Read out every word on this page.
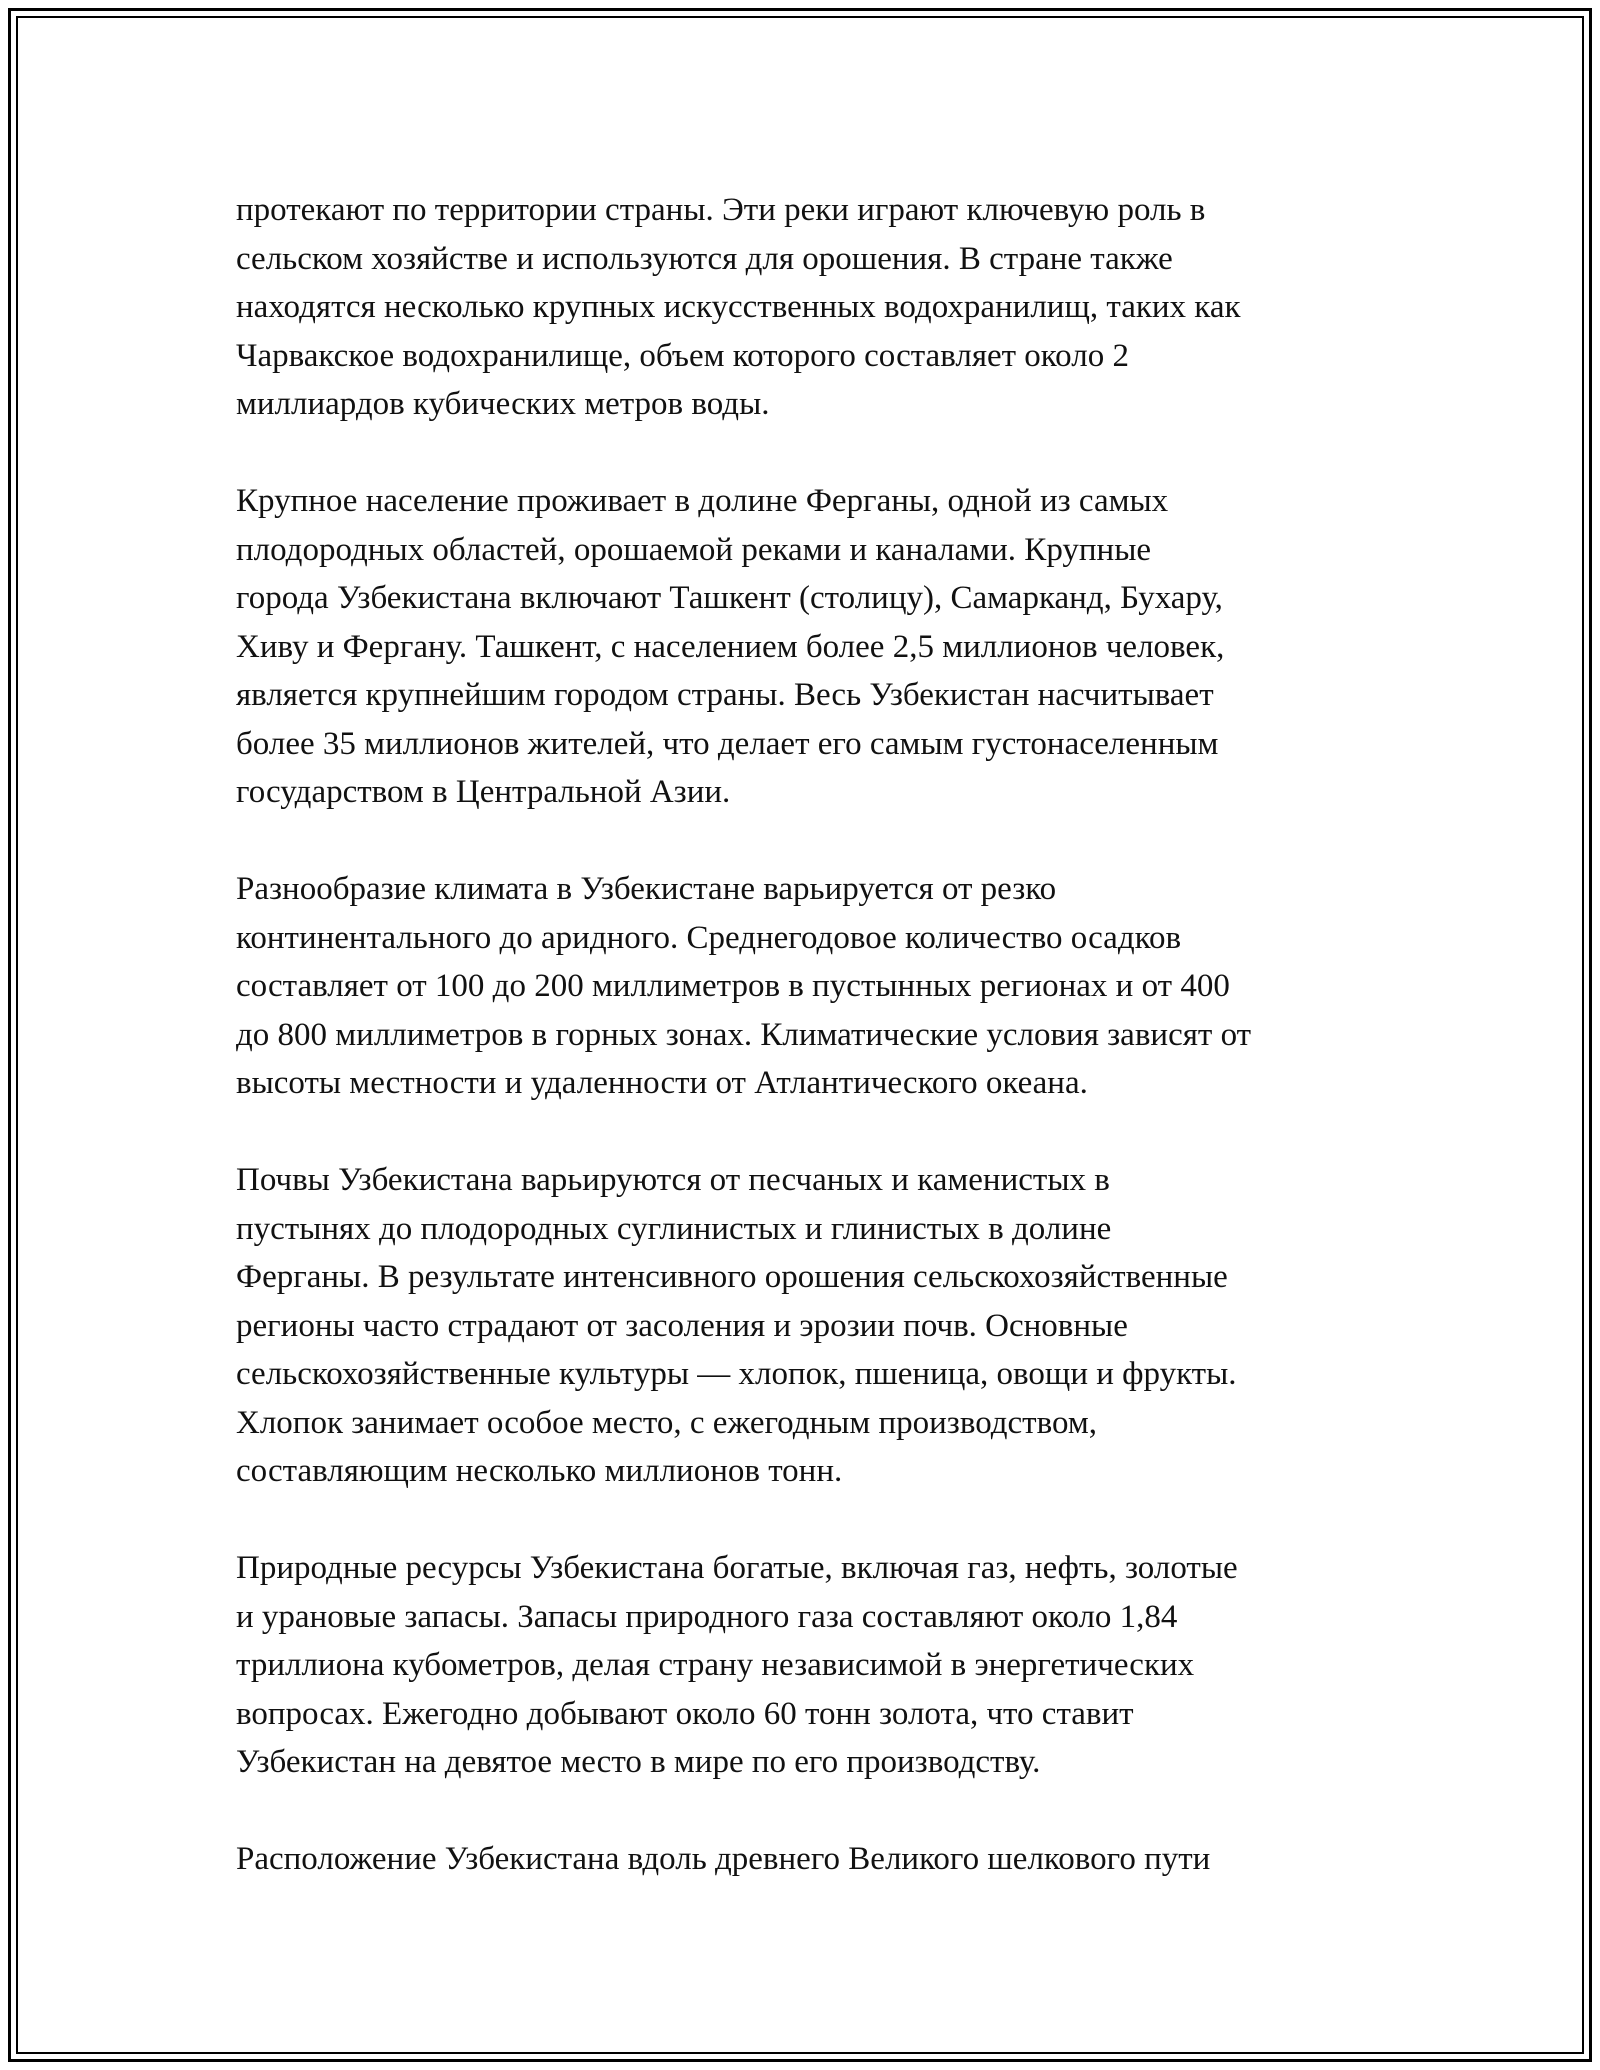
протекают по территории страны. Эти реки играют ключевую роль в
сельском хозяйстве и используются для орошения. В стране также
находятся несколько крупных искусственных водохранилищ, таких как
Чарвакское водохранилище, объем которого составляет около 2
миллиардов кубических метров воды.

Крупное население проживает в долине Ферганы, одной из самых
плодородных областей, орошаемой реками и каналами. Крупные
города Узбекистана включают Ташкент (столицу), Самарканд, Бухару,
Хиву и Фергану. Ташкент, с населением более 2,5 миллионов человек,
является крупнейшим городом страны. Весь Узбекистан насчитывает
более 35 миллионов жителей, что делает его самым густонаселенным
государством в Центральной Азии.

Разнообразие климата в Узбекистане варьируется от резко
континентального до аридного. Среднегодовое количество осадков
составляет от 100 до 200 миллиметров в пустынных регионах и от 400
до 800 миллиметров в горных зонах. Климатические условия зависят от
высоты местности и удаленности от Атлантического океана.

Почвы Узбекистана варьируются от песчаных и каменистых в
пустынях до плодородных суглинистых и глинистых в долине
Ферганы. В результате интенсивного орошения сельскохозяйственные
регионы часто страдают от засоления и эрозии почв. Основные
сельскохозяйственные культуры — хлопок, пшеница, овощи и фрукты.
Хлопок занимает особое место, с ежегодным производством,
составляющим несколько миллионов тонн.

Природные ресурсы Узбекистана богатые, включая газ, нефть, золотые
и урановые запасы. Запасы природного газа составляют около 1,84
триллиона кубометров, делая страну независимой в энергетических
вопросах. Ежегодно добывают около 60 тонн золота, что ставит
Узбекистан на девятое место в мире по его производству.

Расположение Узбекистана вдоль древнего Великого шелкового пути
